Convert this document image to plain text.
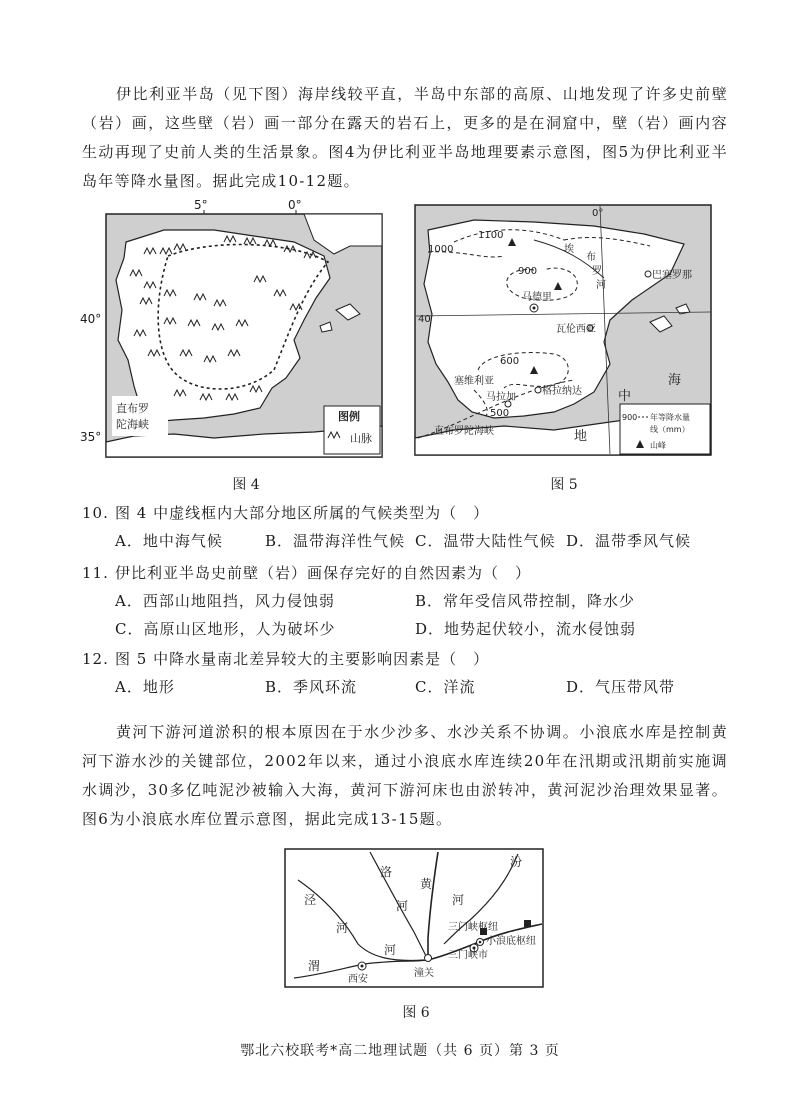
伊比利亚半岛（见下图）海岸线较平直，半岛中东部的高原、山地发现了许多史前壁（岩）画，这些壁（岩）画一部分在露天的岩石上，更多的是在洞窟中，壁（岩）画内容生动再现了史前人类的生活景象。图4为伊比利亚半岛地理要素示意图，图5为伊比利亚半岛年等降水量图。据此完成10-12题。
5°	0°
直布罗
陀海峡
图例
山脉
40°
35°
图 4
0°
40
1100
1000
900
600
500
埃
布
罗
河
巴塞罗那
马德里
瓦伦西亚
塞维利亚
格拉纳达
马拉加
直布罗陀海峡	地
中
海
900 年等降水量
线（mm）
山峰
图 5
10. 图 4 中虚线框内大部分地区所属的气候类型为（　）
A．地中海气候	B．温带海洋性气候 C．温带大陆性气候 D．温带季风气候
11. 伊比利亚半岛史前壁（岩）画保存完好的自然因素为（　）
A．西部山地阻挡，风力侵蚀弱	B．常年受信风带控制，降水少
C．高原山区地形，人为破坏少	D．地势起伏较小，流水侵蚀弱
12. 图 5 中降水量南北差异较大的主要影响因素是（　）
A．地形	B．季风环流	C．洋流	D．气压带风带
黄河下游河道淤积的根本原因在于水少沙多、水沙关系不协调。小浪底水库是控制黄河下游水沙的关键部位，2002年以来，通过小浪底水库连续20年在汛期或汛期前实施调水调沙，30多亿吨泥沙被输入大海，黄河下游河床也由淤转冲，黄河泥沙治理效果显著。图6为小浪底水库位置示意图，据此完成13-15题。
汾
洛
河
黄
河
泾
河
渭
河
三门峡枢纽
小浪底枢纽
三门峡市
潼关
西安
图 6
鄂北六校联考*高二地理试题（共 6 页）第 3 页
